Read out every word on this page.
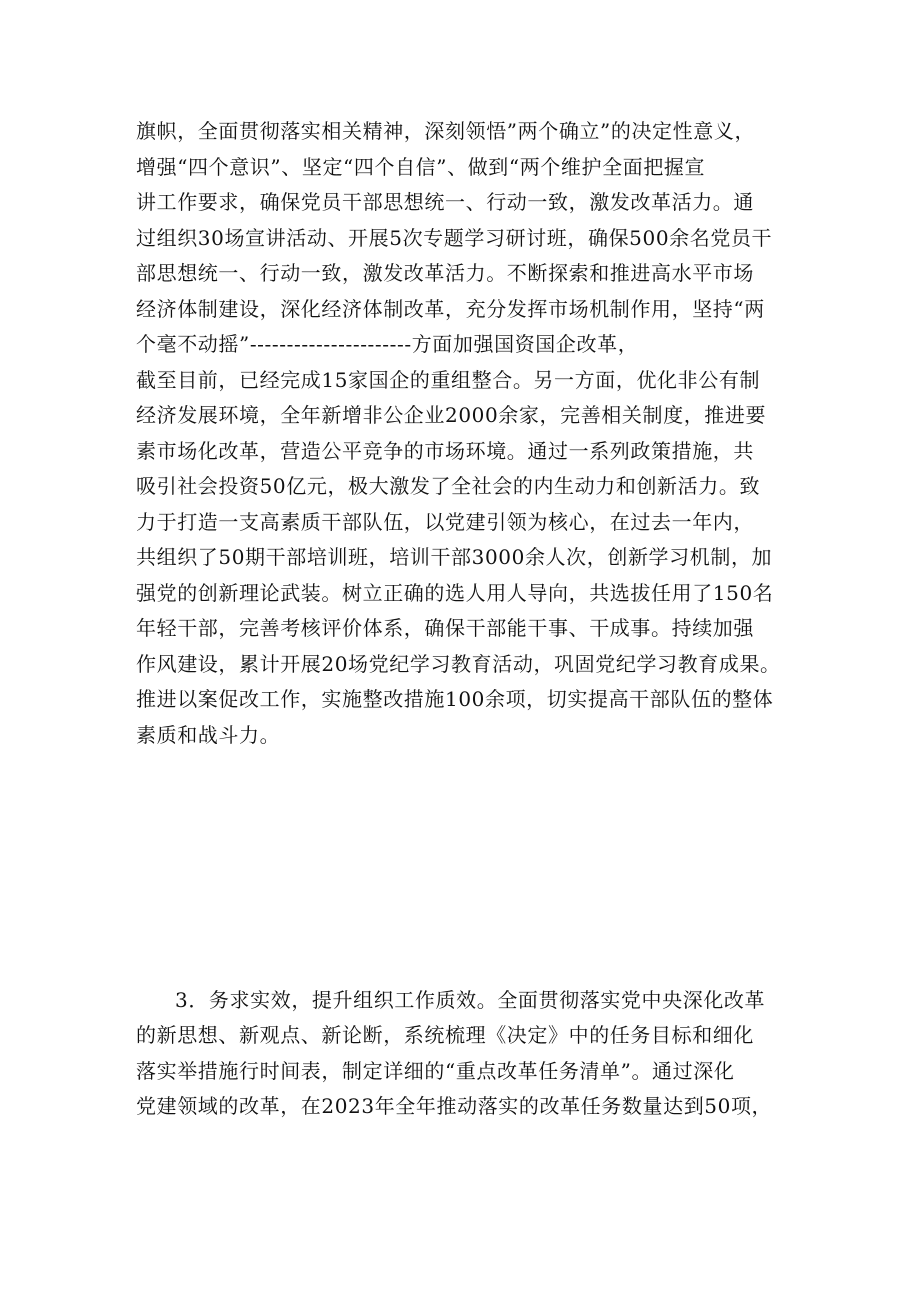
旗帜，全面贯彻落实相关精神，深刻领悟”两个确立”的决定性意义，
增强“四个意识”、坚定“四个自信”、做到“两个维护全面把握宣
讲工作要求，确保党员干部思想统一、行动一致，激发改革活力。通
过组织30场宣讲活动、开展5次专题学习研讨班，确保500余名党员干
部思想统一、行动一致，激发改革活力。不断探索和推进高水平市场
经济体制建设，深化经济体制改革，充分发挥市场机制作用，坚持“两
个毫不动摇”----------------------方面加强国资国企改革，
截至目前，已经完成15家国企的重组整合。另一方面，优化非公有制
经济发展环境，全年新增非公企业2000余家，完善相关制度，推进要
素市场化改革，营造公平竞争的市场环境。通过一系列政策措施，共
吸引社会投资50亿元，极大激发了全社会的内生动力和创新活力。致
力于打造一支高素质干部队伍，以党建引领为核心，在过去一年内，
共组织了50期干部培训班，培训干部3000余人次，创新学习机制，加
强党的创新理论武装。树立正确的选人用人导向，共选拔任用了150名
年轻干部，完善考核评价体系，确保干部能干事、干成事。持续加强
作风建设，累计开展20场党纪学习教育活动，巩固党纪学习教育成果。
推进以案促改工作，实施整改措施100余项，切实提高干部队伍的整体
素质和战斗力。
3．务求实效，提升组织工作质效。全面贯彻落实党中央深化改革
的新思想、新观点、新论断，系统梳理《决定》中的任务目标和细化
落实举措施行时间表，制定详细的“重点改革任务清单”。通过深化
党建领域的改革，在2023年全年推动落实的改革任务数量达到50项，
